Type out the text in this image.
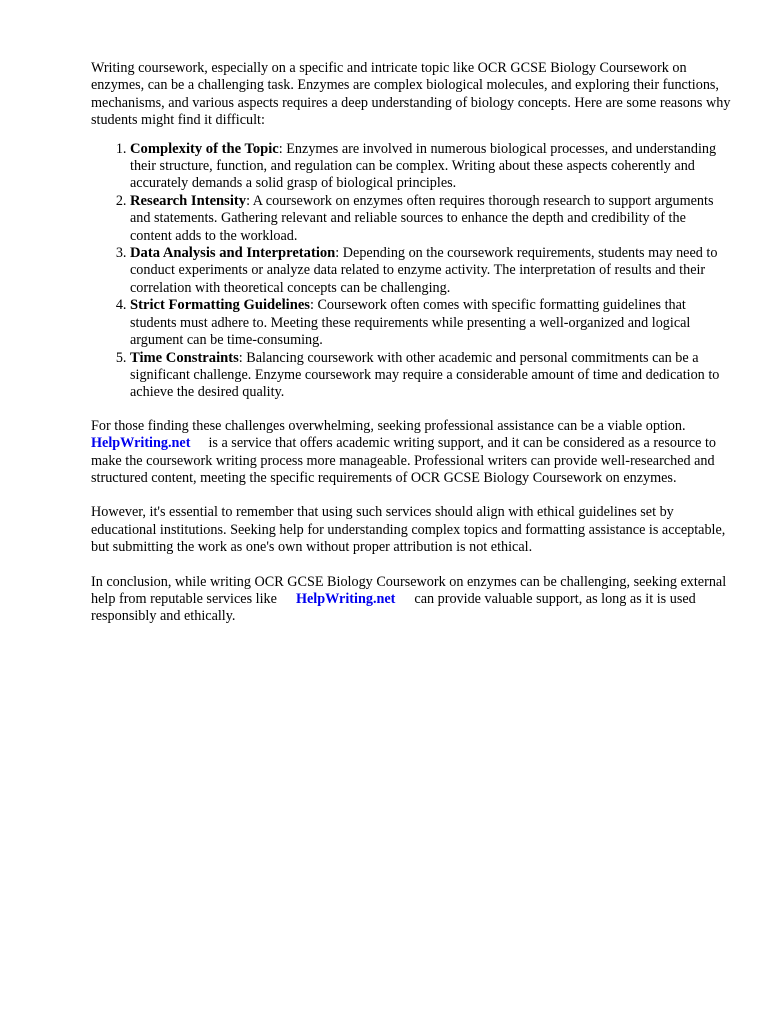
Writing coursework, especially on a specific and intricate topic like OCR GCSE Biology Coursework on enzymes, can be a challenging task. Enzymes are complex biological molecules, and exploring their functions, mechanisms, and various aspects requires a deep understanding of biology concepts. Here are some reasons why students might find it difficult:

1. Complexity of the Topic: Enzymes are involved in numerous biological processes, and understanding their structure, function, and regulation can be complex. Writing about these aspects coherently and accurately demands a solid grasp of biological principles.
2. Research Intensity: A coursework on enzymes often requires thorough research to support arguments and statements. Gathering relevant and reliable sources to enhance the depth and credibility of the content adds to the workload.
3. Data Analysis and Interpretation: Depending on the coursework requirements, students may need to conduct experiments or analyze data related to enzyme activity. The interpretation of results and their correlation with theoretical concepts can be challenging.
4. Strict Formatting Guidelines: Coursework often comes with specific formatting guidelines that students must adhere to. Meeting these requirements while presenting a well-organized and logical argument can be time-consuming.
5. Time Constraints: Balancing coursework with other academic and personal commitments can be a significant challenge. Enzyme coursework may require a considerable amount of time and dedication to achieve the desired quality.

For those finding these challenges overwhelming, seeking professional assistance can be a viable option.HelpWriting.net is a service that offers academic writing support, and it can be considered as a resource to make the coursework writing process more manageable. Professional writers can provide well-researched and structured content, meeting the specific requirements of OCR GCSE Biology Coursework on enzymes.

However, it's essential to remember that using such services should align with ethical guidelines set by educational institutions. Seeking help for understanding complex topics and formatting assistance is acceptable, but submitting the work as one's own without proper attribution is not ethical.

In conclusion, while writing OCR GCSE Biology Coursework on enzymes can be challenging, seeking external help from reputable services like HelpWriting.net can provide valuable support, as long as it is used responsibly and ethically.
